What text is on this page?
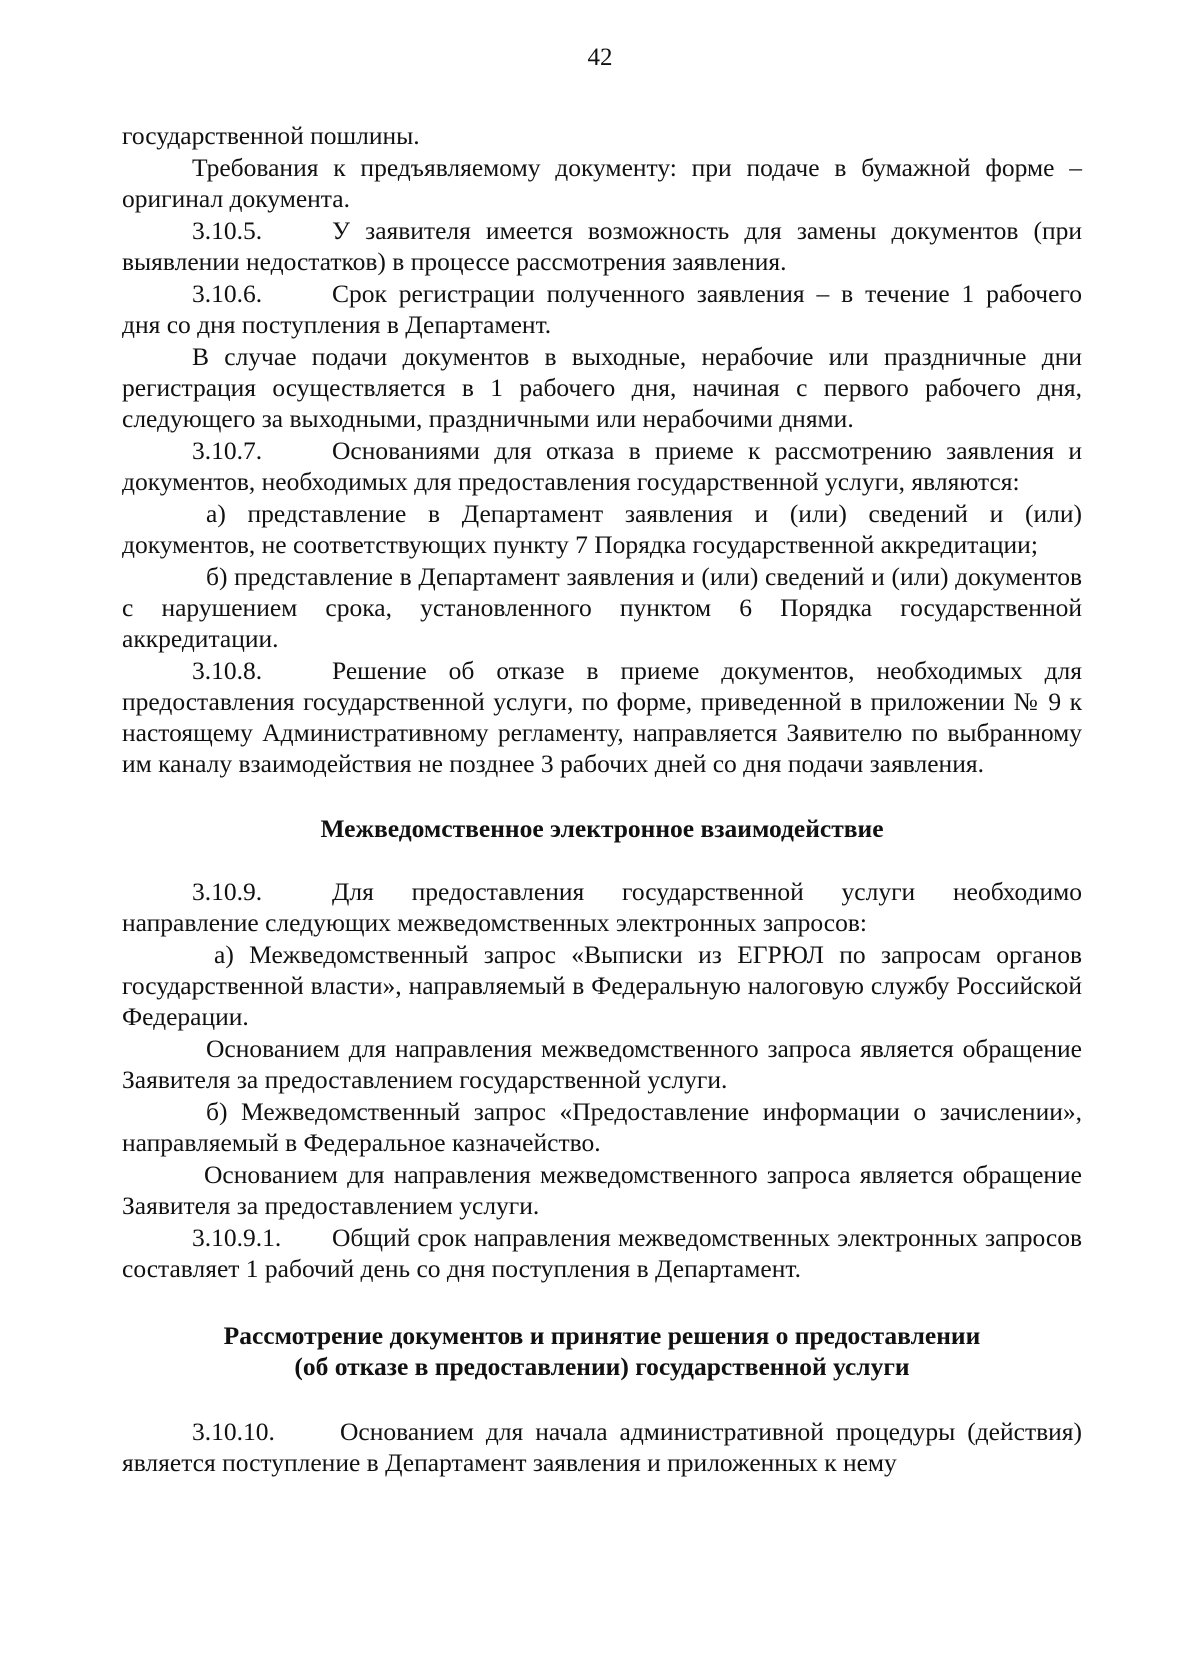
42

государственной пошлины.

Требования к предъявляемому документу: при подаче в бумажной форме – оригинал документа.

3.10.5.	У заявителя имеется возможность для замены документов (при выявлении недостатков) в процессе рассмотрения заявления.

3.10.6.	Срок регистрации полученного заявления – в течение 1 рабочего дня со дня поступления в Департамент.

В случае подачи документов в выходные, нерабочие или праздничные дни регистрация осуществляется в 1 рабочего дня, начиная с первого рабочего дня, следующего за выходными, праздничными или нерабочими днями.

3.10.7.	Основаниями для отказа в приеме к рассмотрению заявления и документов, необходимых для предоставления государственной услуги, являются:

а) представление в Департамент заявления и (или) сведений и (или) документов, не соответствующих пункту 7 Порядка государственной аккредитации;

б) представление в Департамент заявления и (или) сведений и (или) документов с нарушением срока, установленного пунктом 6 Порядка государственной аккредитации.

3.10.8.	Решение об отказе в приеме документов, необходимых для предоставления государственной услуги, по форме, приведенной в приложении № 9 к настоящему Административному регламенту, направляется Заявителю по выбранному им каналу взаимодействия не позднее 3 рабочих дней со дня подачи заявления.

Межведомственное электронное взаимодействие

3.10.9.	Для предоставления государственной услуги необходимо направление следующих межведомственных электронных запросов:

а) Межведомственный запрос «Выписки из ЕГРЮЛ по запросам органов государственной власти», направляемый в Федеральную налоговую службу Российской Федерации.

Основанием для направления межведомственного запроса является обращение Заявителя за предоставлением государственной услуги.

б) Межведомственный запрос «Предоставление информации о зачислении», направляемый в Федеральное казначейство.

Основанием для направления межведомственного запроса является обращение Заявителя за предоставлением услуги.

3.10.9.1. Общий срок направления межведомственных электронных запросов составляет 1 рабочий день со дня поступления в Департамент.

Рассмотрение документов и принятие решения о предоставлении
(об отказе в предоставлении) государственной услуги

3.10.10.	Основанием для начала административной процедуры (действия) является поступление в Департамент заявления и приложенных к нему
